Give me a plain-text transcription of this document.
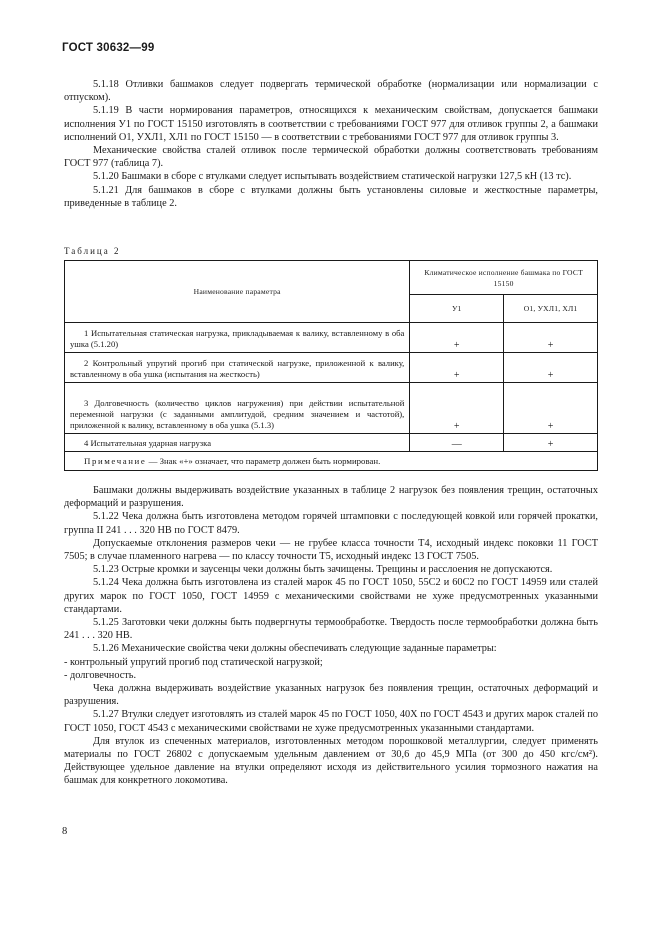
ГОСТ 30632—99

5.1.18 Отливки башмаков следует подвергать термической обработке (нормализации или нормализации с отпуском).

5.1.19 В части нормирования параметров, относящихся к механическим свойствам, допускается башмаки исполнения У1 по ГОСТ 15150 изготовлять в соответствии с требованиями ГОСТ 977 для отливок группы 2, а башмаки исполнений О1, УХЛ1, ХЛ1 по ГОСТ 15150 — в соответствии с требованиями ГОСТ 977 для отливок группы 3.

Механические свойства сталей отливок после термической обработки должны соответствовать требованиям ГОСТ 977 (таблица 7).

5.1.20 Башмаки в сборе с втулками следует испытывать воздействием статической нагрузки 127,5 кН (13 тс).

5.1.21 Для башмаков в сборе с втулками должны быть установлены силовые и жесткостные параметры, приведенные в таблице 2.

Таблица 2
Наименование параметра	Климатическое исполнение башмака по ГОСТ 15150	
	У1	О1, УХЛ1, ХЛ1
1 Испытательная статическая нагрузка, прикладываемая к валику, вставленному в оба ушка (5.1.20)	+	+
2 Контрольный упругий прогиб при статической нагрузке, приложенной к валику, вставленному в оба ушка (испытания на жесткость)	+	+
3 Долговечность (количество циклов нагружения) при действии испытательной переменной нагрузки (с заданными амплитудой, средним значением и частотой), приложенной к валику, вставленному в оба ушка (5.1.3)	+	+
4 Испытательная ударная нагрузка	—	+
Примечание — Знак «+» означает, что параметр должен быть нормирован.		

Башмаки должны выдерживать воздействие указанных в таблице 2 нагрузок без появления трещин, остаточных деформаций и разрушения.

5.1.22 Чека должна быть изготовлена методом горячей штамповки с последующей ковкой или горячей прокатки, группа II 241 . . . 320 НВ по ГОСТ 8479.

Допускаемые отклонения размеров чеки — не грубее класса точности Т4, исходный индекс поковки 11 ГОСТ 7505; в случае пламенного нагрева — по классу точности Т5, исходный индекс 13 ГОСТ 7505.

5.1.23 Острые кромки и заусенцы чеки должны быть зачищены. Трещины и расслоения не допускаются.

5.1.24 Чека должна быть изготовлена из сталей марок 45 по ГОСТ 1050, 55С2 и 60С2 по ГОСТ 14959 или сталей других марок по ГОСТ 1050, ГОСТ 14959 с механическими свойствами не хуже предусмотренных указанными стандартами.

5.1.25 Заготовки чеки должны быть подвергнуты термообработке. Твердость после термообработки должна быть 241 . . . 320 НВ.

5.1.26 Механические свойства чеки должны обеспечивать следующие заданные параметры:

- контрольный упругий прогиб под статической нагрузкой;

- долговечность.

Чека должна выдерживать воздействие указанных нагрузок без появления трещин, остаточных деформаций и разрушения.

5.1.27 Втулки следует изготовлять из сталей марок 45 по ГОСТ 1050, 40Х по ГОСТ 4543 и других марок сталей по ГОСТ 1050, ГОСТ 4543 с механическими свойствами не хуже предусмотренных указанными стандартами.

Для втулок из спеченных материалов, изготовленных методом порошковой металлургии, следует применять материалы по ГОСТ 26802 с допускаемым удельным давлением от 30,6 до 45,9 МПа (от 300 до 450 кгс/см²). Действующее удельное давление на втулки определяют исходя из действительного усилия тормозного нажатия на башмак для конкретного локомотива.

8
